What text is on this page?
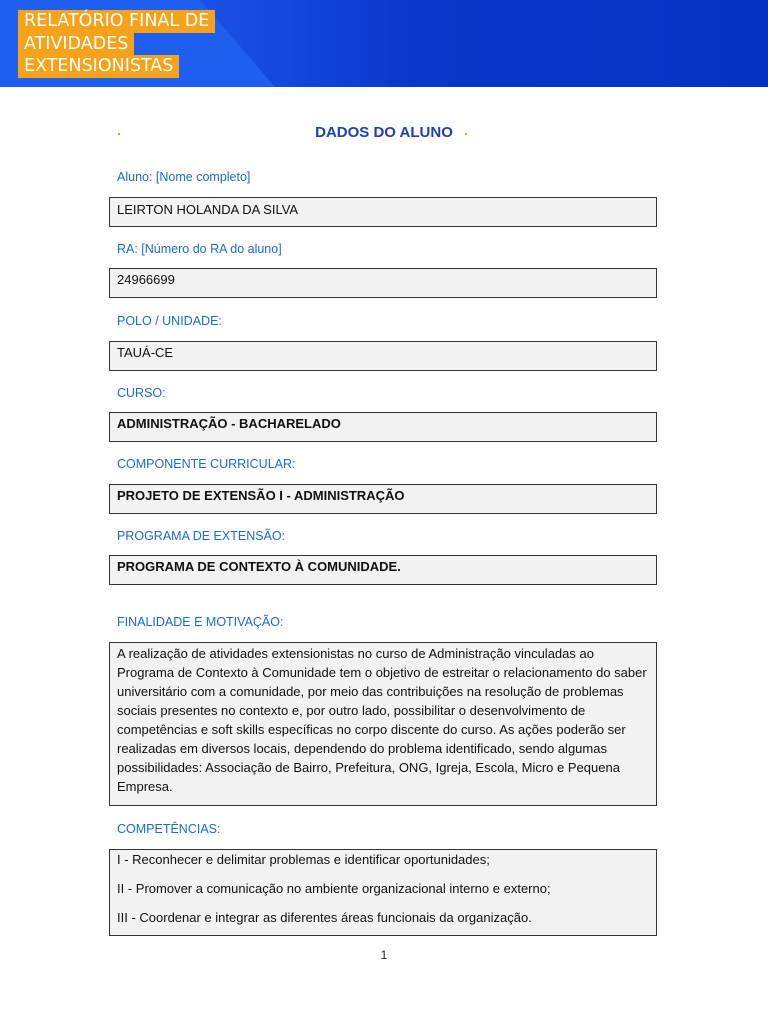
RELATÓRIO FINAL DE
ATIVIDADES
EXTENSIONISTAS
DADOS DO ALUNO
Aluno: [Nome completo]
LEIRTON HOLANDA DA SILVA
RA: [Número do RA do aluno]
24966699
POLO / UNIDADE:
TAUÁ-CE
CURSO:
ADMINISTRAÇÃO - BACHARELADO
COMPONENTE CURRICULAR:
PROJETO DE EXTENSÃO I - ADMINISTRAÇÃO
PROGRAMA DE EXTENSÃO:
PROGRAMA DE CONTEXTO À COMUNIDADE.
FINALIDADE E MOTIVAÇÃO:
A realização de atividades extensionistas no curso de Administração vinculadas ao Programa de Contexto à Comunidade tem o objetivo de estreitar o relacionamento do saber universitário com a comunidade, por meio das contribuições na resolução de problemas sociais presentes no contexto e, por outro lado, possibilitar o desenvolvimento de competências e soft skills específicas no corpo discente do curso. As ações poderão ser realizadas em diversos locais, dependendo do problema identificado, sendo algumas possibilidades: Associação de Bairro, Prefeitura, ONG, Igreja, Escola, Micro e Pequena Empresa.
COMPETÊNCIAS:

I - Reconhecer e delimitar problemas e identificar oportunidades;

II - Promover a comunicação no ambiente organizacional interno e externo;

III - Coordenar e integrar as diferentes áreas funcionais da organização.

1
